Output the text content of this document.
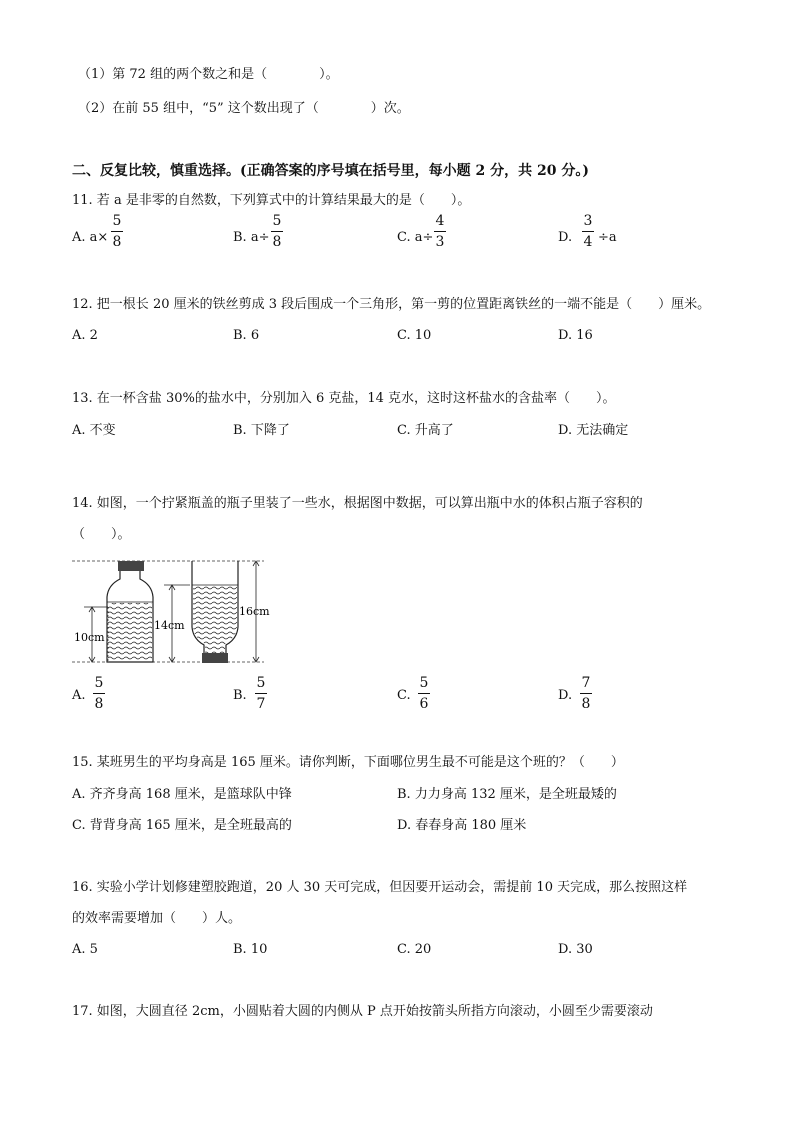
（1）第 72 组的两个数之和是（　　　　）。
（2）在前 55 组中，“5” 这个数出现了（　　　　）次。
二、反复比较，慎重选择。(正确答案的序号填在括号里，每小题 2 分，共 20 分。)
11. 若 a 是非零的自然数，下列算式中的计算结果最大的是（　　）。
A. a×
5
8	B. a÷
5
8	C. a÷
4
3	D.
3
4 ÷a
12. 把一根长 20 厘米的铁丝剪成 3 段后围成一个三角形，第一剪的位置距离铁丝的一端不能是（　　）厘米。
A. 2	B. 6	C. 10	D. 16
13. 在一杯含盐 30%的盐水中，分别加入 6 克盐，14 克水，这时这杯盐水的含盐率（　　）。
A. 不变	B. 下降了	C. 升高了	D. 无法确定
14. 如图，一个拧紧瓶盖的瓶子里装了一些水，根据图中数据，可以算出瓶中水的体积占瓶子容积的
（　　）。
10cm
14cm
16cm
A.
5
8
B.
5
7
C.
5
6
D.
7
8
15. 某班男生的平均身高是 165 厘米。请你判断，下面哪位男生最不可能是这个班的？（　　）
A. 齐齐身高 168 厘米，是篮球队中锋	B. 力力身高 132 厘米，是全班最矮的
C. 背背身高 165 厘米，是全班最高的	D. 春春身高 180 厘米
16. 实验小学计划修建塑胶跑道，20 人 30 天可完成，但因要开运动会，需提前 10 天完成，那么按照这样
的效率需要增加（　　）人。
A. 5	B. 10	C. 20	D. 30
17. 如图，大圆直径 2cm，小圆贴着大圆的内侧从 P 点开始按箭头所指方向滚动，小圆至少需要滚动
